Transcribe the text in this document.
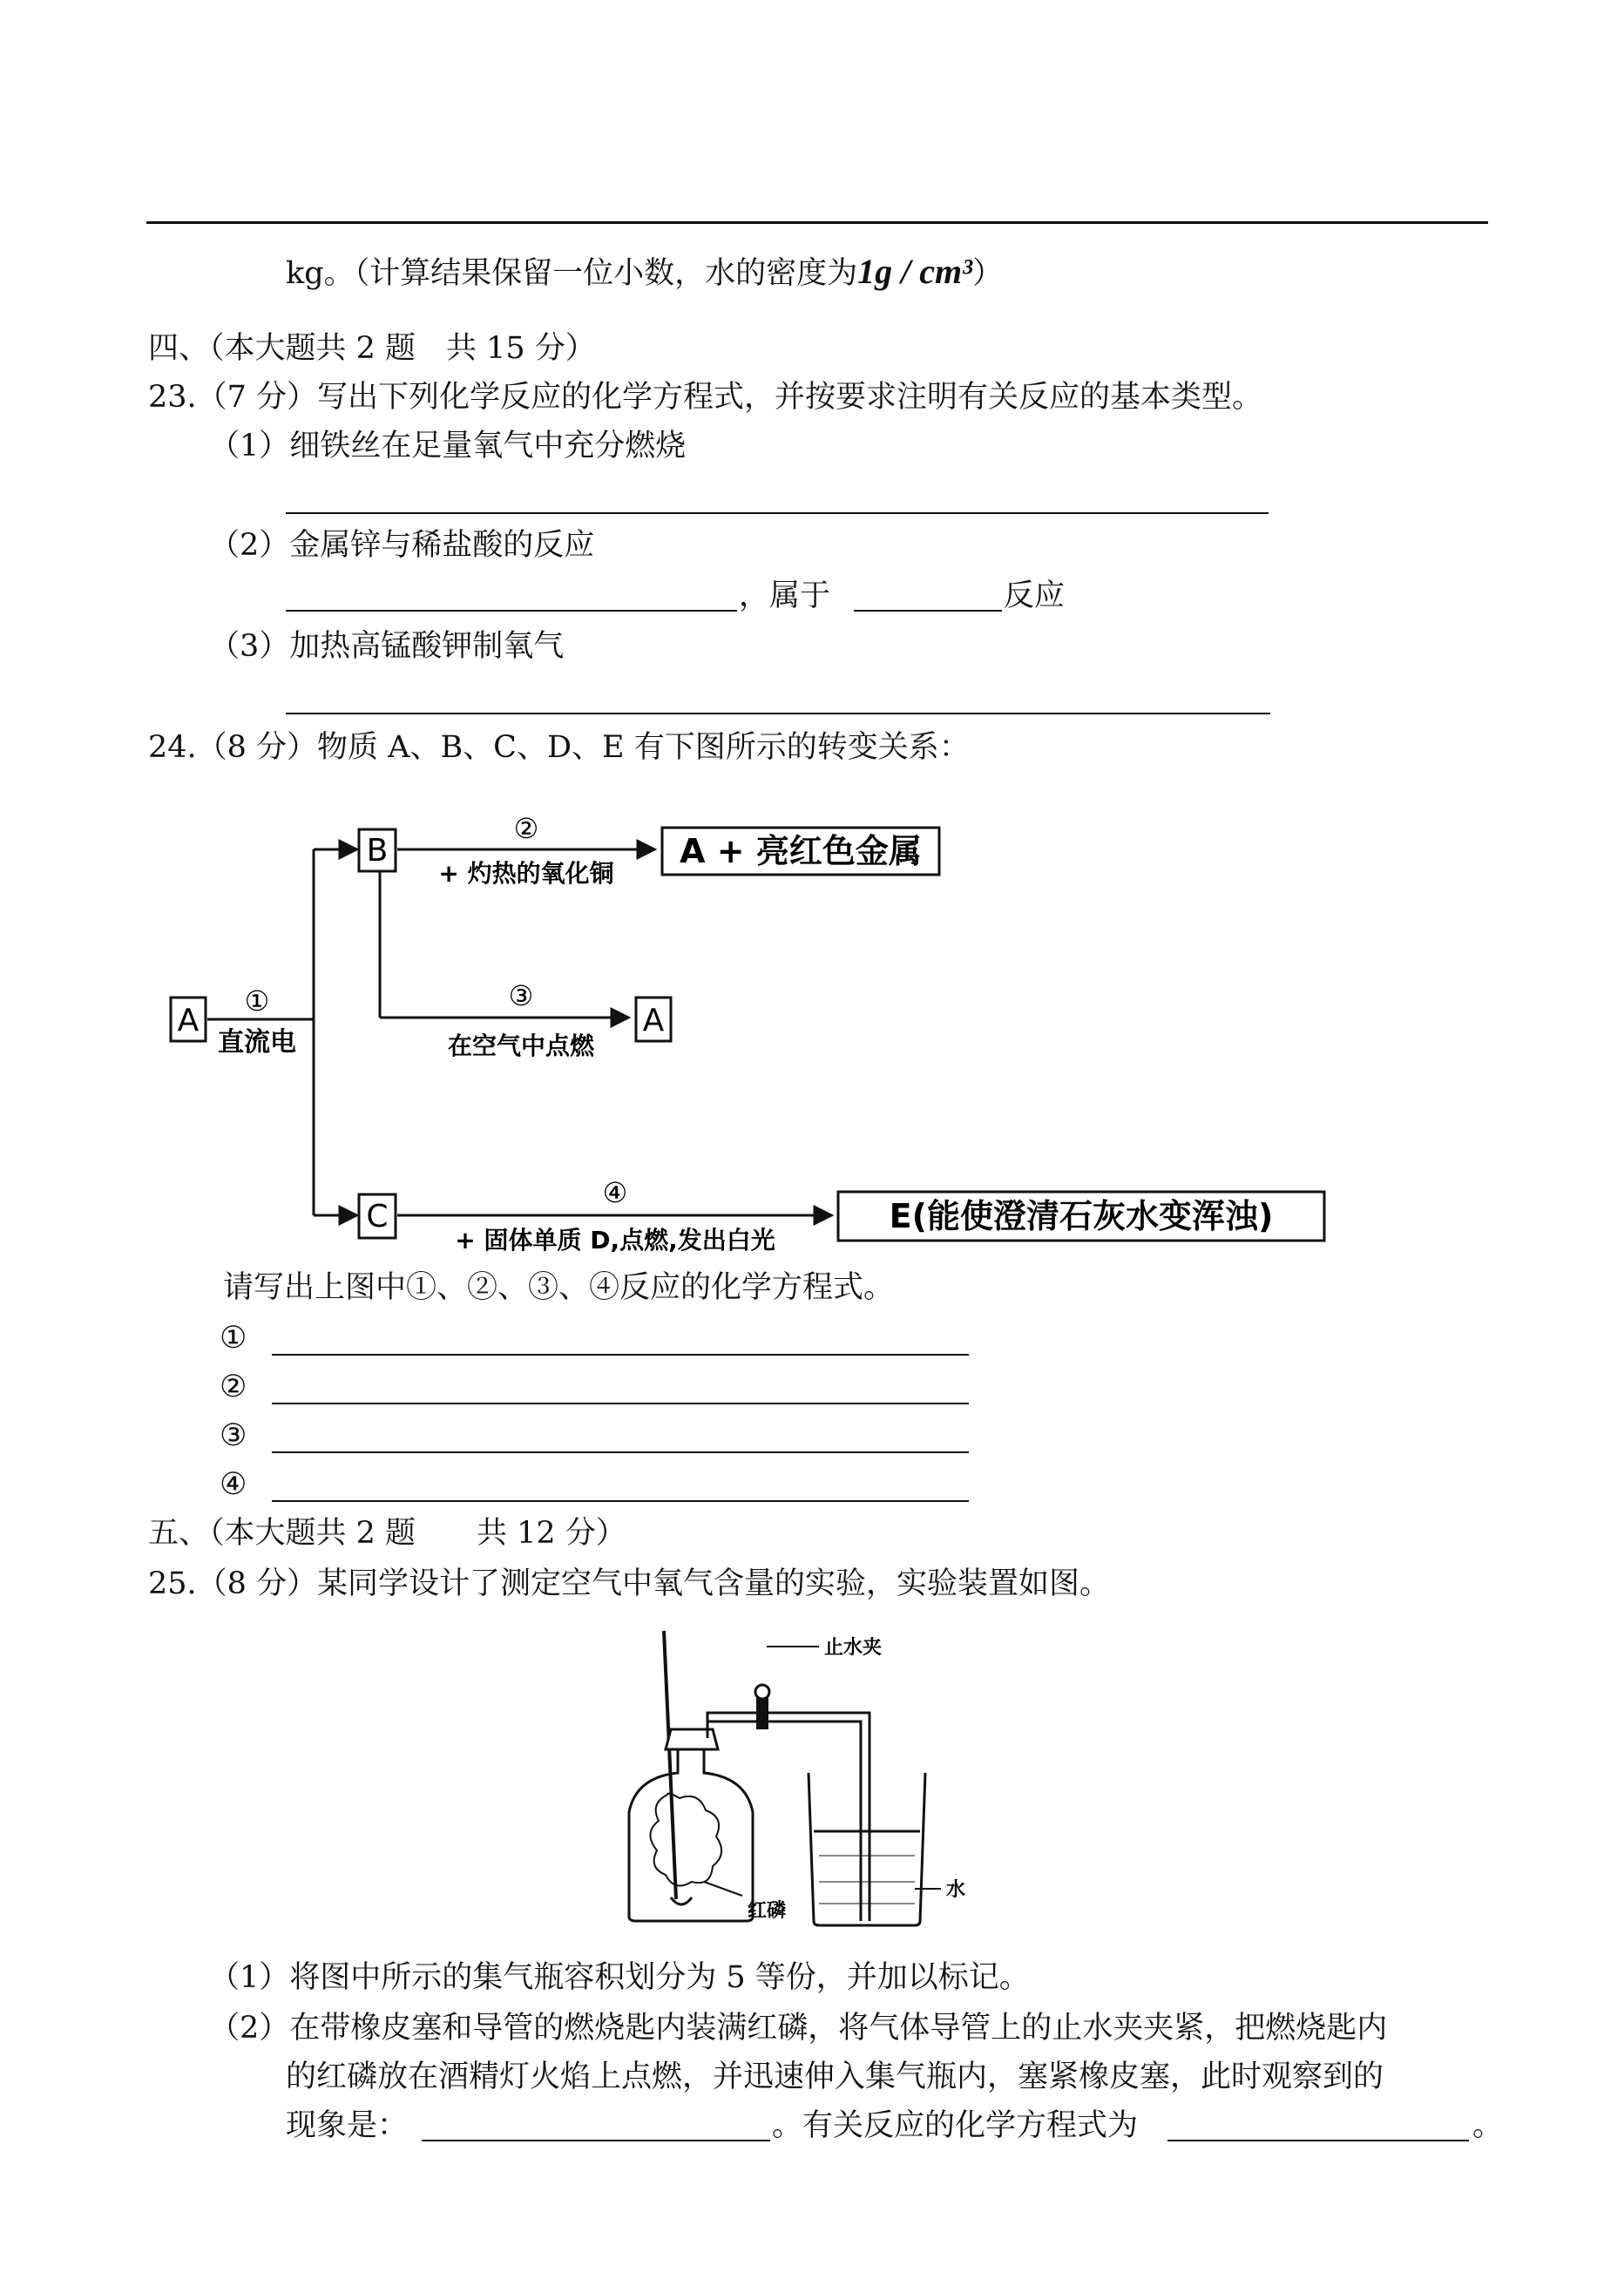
kg。（计算结果保留一位小数，水的密度为1g / cm³）
四、（本大题共 2 题　共 15 分）
23.（7 分）写出下列化学反应的化学方程式，并按要求注明有关反应的基本类型。
（1）细铁丝在足量氧气中充分燃烧
（2）金属锌与稀盐酸的反应
，属于	反应
（3）加热高锰酸钾制氧气
24.（8 分）物质 A、B、C、D、E 有下图所示的转变关系：
A
B	A + 亮红色金属
A
C	E(能使澄清石灰水变浑浊)
①
直流电
②
+ 灼热的氧化铜
③
在空气中点燃
④
+ 固体单质 D,点燃,发出白光
请写出上图中①、②、③、④反应的化学方程式。
①
②
③
④
五、（本大题共 2 题　　共 12 分）
25.（8 分）某同学设计了测定空气中氧气含量的实验，实验装置如图。
止水夹
红磷
水
（1）将图中所示的集气瓶容积划分为 5 等份，并加以标记。
（2）在带橡皮塞和导管的燃烧匙内装满红磷，将气体导管上的止水夹夹紧，把燃烧匙内
的红磷放在酒精灯火焰上点燃，并迅速伸入集气瓶内，塞紧橡皮塞，此时观察到的
现象是：	。有关反应的化学方程式为	。
